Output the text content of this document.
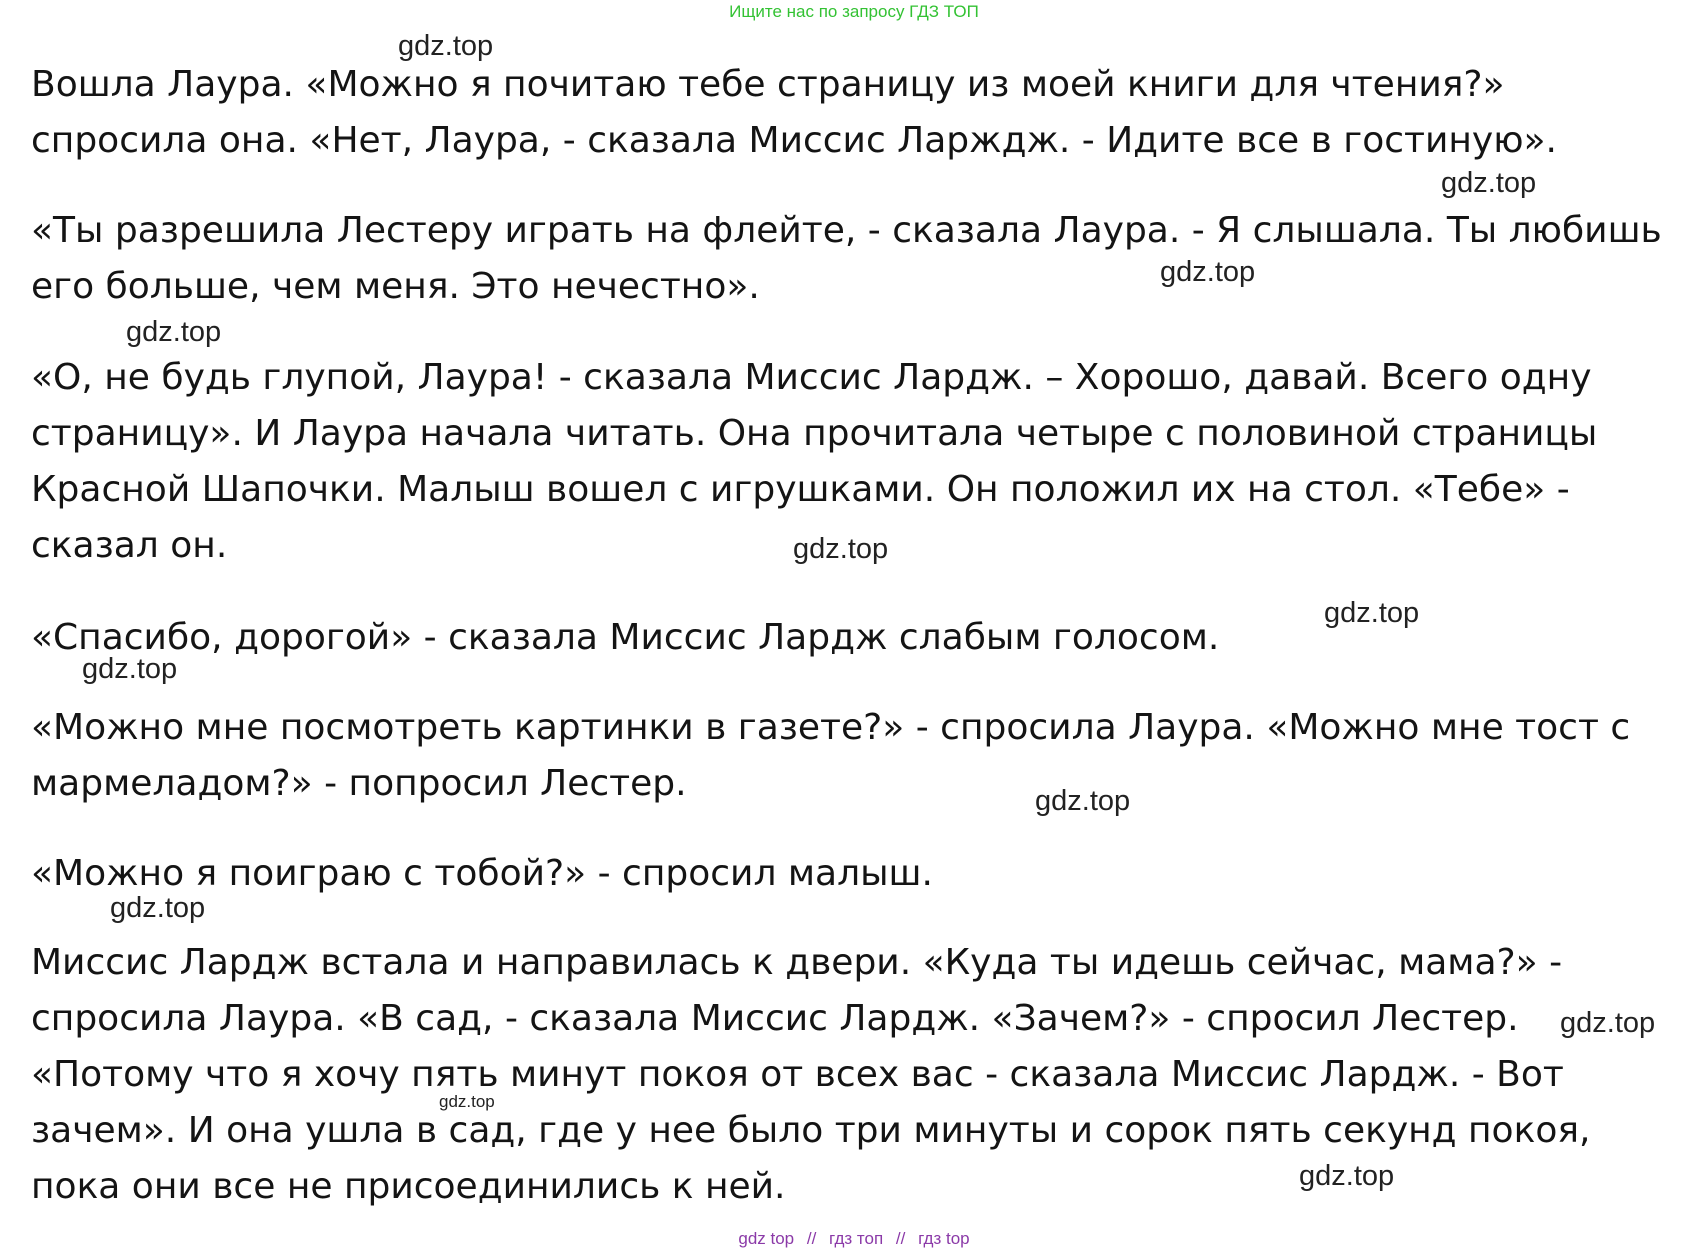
Ищите нас по запросу ГДЗ ТОП
Вошла Лаура. «Можно я почитаю тебе страницу из моей книги для чтения?»
спросила она. «Нет, Лаура, - сказала Миссис Ларждж. - Идите все в гостиную».
«Ты разрешила Лестеру играть на флейте, - сказала Лаура. - Я слышала. Ты любишь
его больше, чем меня. Это нечестно».
«О, не будь глупой, Лаура! - сказала Миссис Лардж. – Хорошо, давай. Всего одну
страницу». И Лаура начала читать. Она прочитала четыре с половиной страницы
Красной Шапочки. Малыш вошел с игрушками. Он положил их на стол. «Тебе» -
сказал он.
«Спасибо, дорогой» - сказала Миссис Лардж слабым голосом.
«Можно мне посмотреть картинки в газете?» - спросила Лаура. «Можно мне тост с
мармеладом?» - попросил Лестер.
«Можно я поиграю с тобой?» - спросил малыш.
Миссис Лардж встала и направилась к двери. «Куда ты идешь сейчас, мама?» -
спросила Лаура. «В сад, - сказала Миссис Лардж. «Зачем?» - спросил Лестер.
«Потому что я хочу пять минут покоя от всех вас - сказала Миссис Лардж. - Вот
зачем». И она ушла в сад, где у нее было три минуты и сорок пять секунд покоя,
пока они все не присоединились к ней.
gdz.top
gdz.top
gdz.top
gdz.top
gdz.top
gdz.top
gdz.top
gdz.top
gdz.top
gdz.top
gdz.top
gdz.top
gdz top // гдз топ // гдз top
